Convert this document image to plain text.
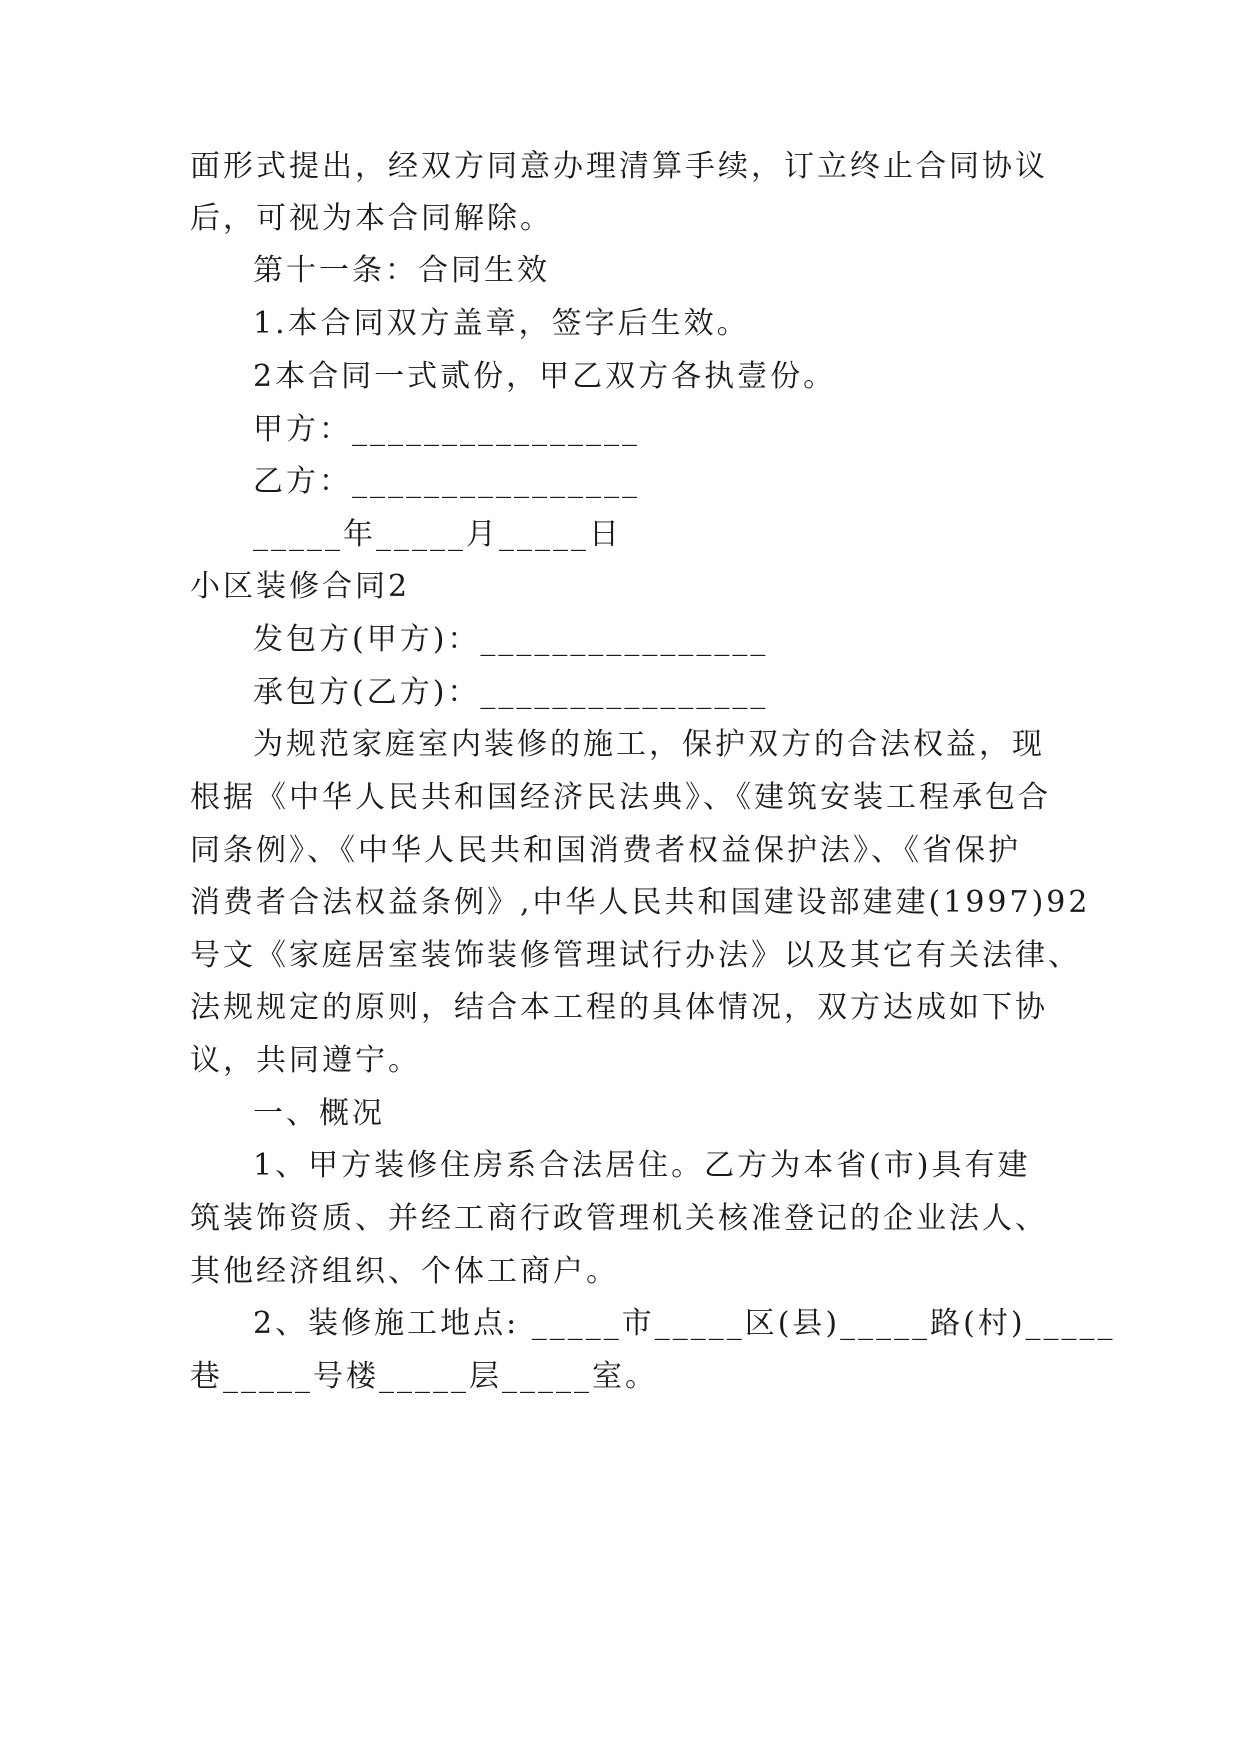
面形式提出，经双方同意办理清算手续，订立终止合同协议

后，可视为本合同解除。

第十一条：合同生效

1.本合同双方盖章，签字后生效。

2本合同一式贰份，甲乙双方各执壹份。

甲方：________________

乙方：________________

_____年_____月_____日

小区装修合同2

发包方(甲方)：________________

承包方(乙方)：________________

为规范家庭室内装修的施工，保护双方的合法权益，现

根据《中华人民共和国经济民法典》、《建筑安装工程承包合

同条例》、《中华人民共和国消费者权益保护法》、《省保护

消费者合法权益条例》,中华人民共和国建设部建建(1997)92

号文《家庭居室装饰装修管理试行办法》以及其它有关法律、

法规规定的原则，结合本工程的具体情况，双方达成如下协

议，共同遵宁。

一、概况

1、甲方装修住房系合法居住。乙方为本省(市)具有建

筑装饰资质、并经工商行政管理机关核准登记的企业法人、

其他经济组织、个体工商户。

2、装修施工地点: _____市_____区(县)_____路(村)_____

巷_____号楼_____层_____室。
